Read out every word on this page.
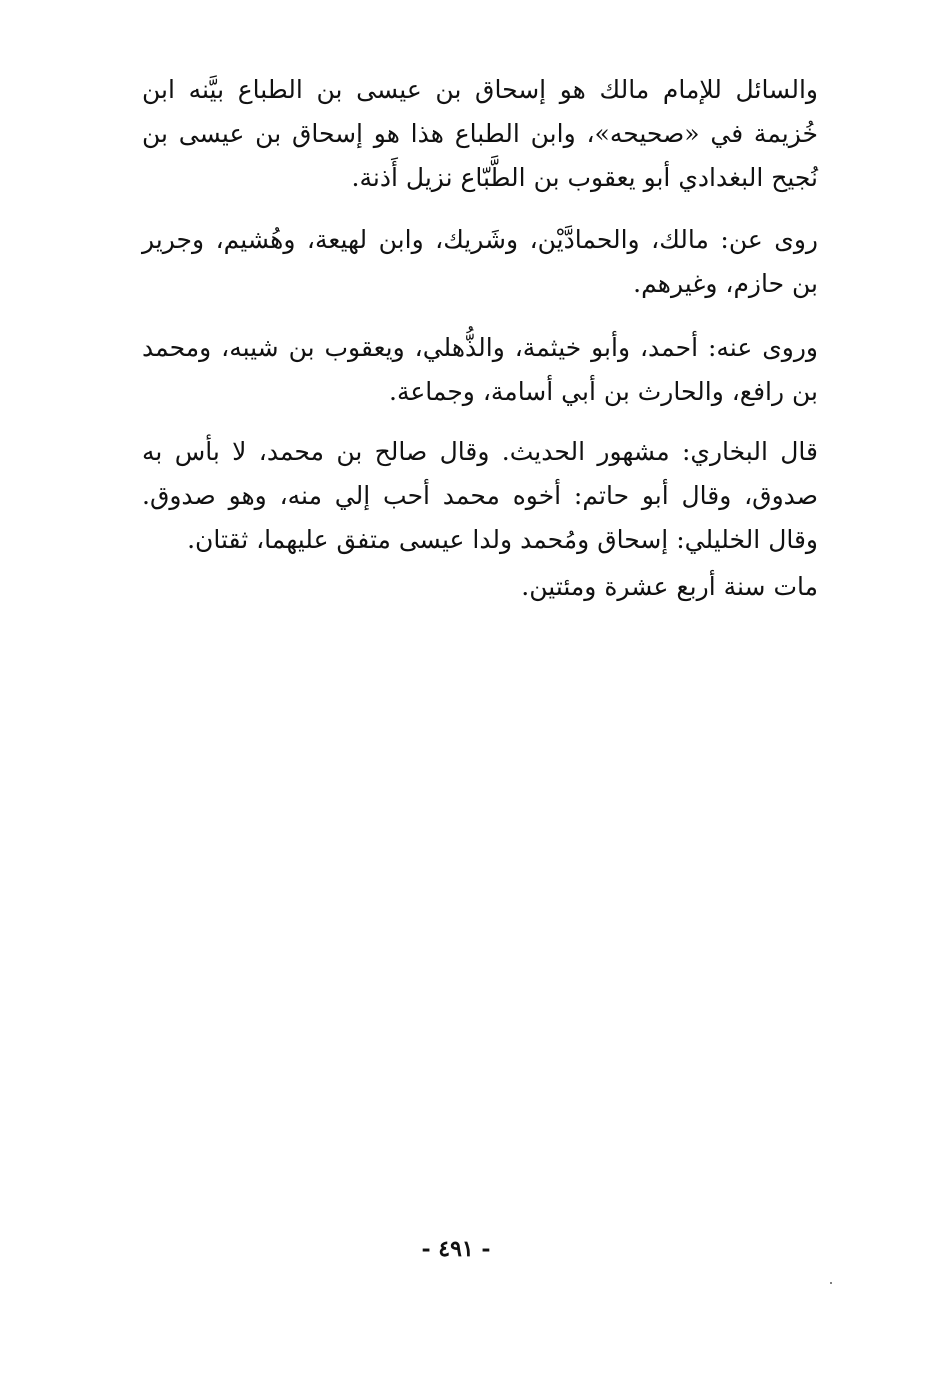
والسائل للإمام مالك هو إسحاق بن عيسى بن الطباع بيَّنه ابن خُزيمة في «صحيحه»، وابن الطباع هذا هو إسحاق بن عيسى بن نُجيح البغدادي أبو يعقوب بن الطَّبّاع نزيل أَذنة.

روى عن: مالك، والحمادَّيْن، وشَريك، وابن لهيعة، وهُشيم، وجرير بن حازم، وغيرهم.

وروى عنه: أحمد، وأبو خيثمة، والذُّهلي، ويعقوب بن شيبه، ومحمد بن رافع، والحارث بن أبي أسامة، وجماعة.

قال البخاري: مشهور الحديث. وقال صالح بن محمد، لا بأس به صدوق، وقال أبو حاتم: أخوه محمد أحب إلي منه، وهو صدوق. وقال الخليلي: إسحاق ومُحمد ولدا عيسى متفق عليهما، ثقتان.

مات سنة أربع عشرة ومئتين.

- ٤٩١ -
